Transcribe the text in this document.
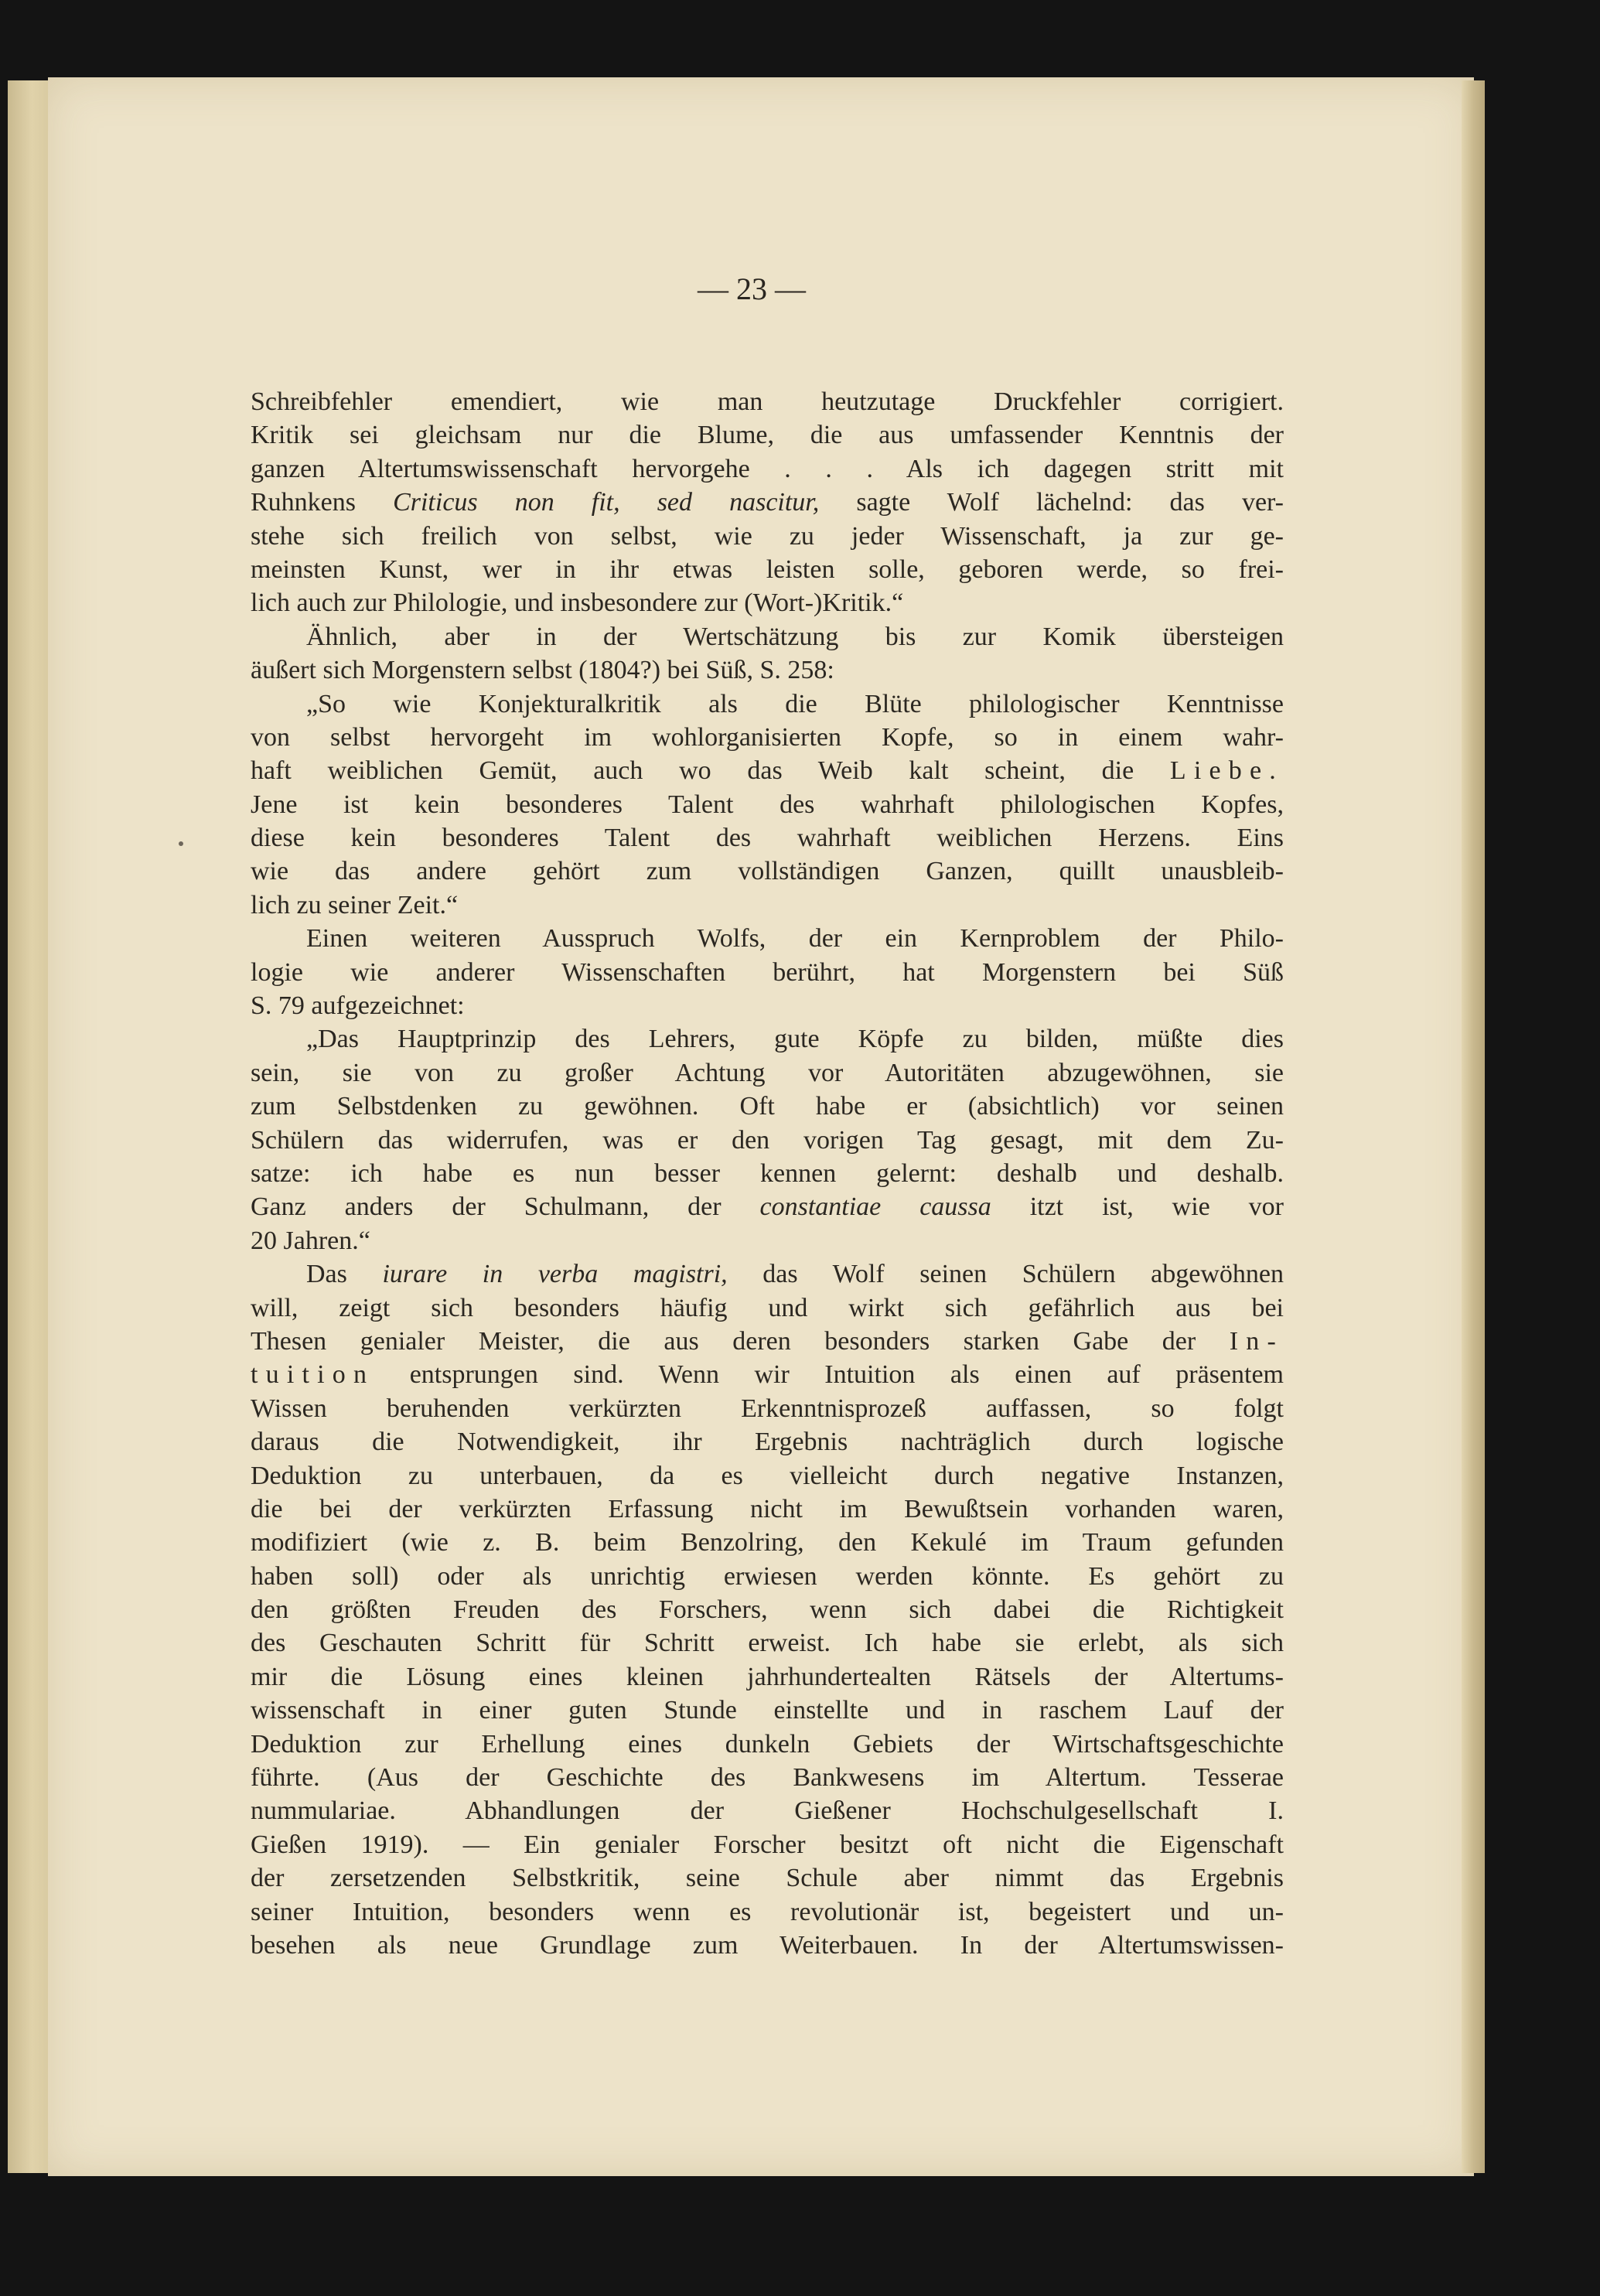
— 23 —
Schreibfehler emendiert, wie man heutzutage Druckfehler corrigiert.
Kritik sei gleichsam nur die Blume, die aus umfassender Kenntnis der
ganzen Altertumswissenschaft hervorgehe . . . Als ich dagegen stritt mit
Ruhnkens Criticus non fit, sed nascitur, sagte Wolf lächelnd: das ver-
stehe sich freilich von selbst, wie zu jeder Wissenschaft, ja zur ge-
meinsten Kunst, wer in ihr etwas leisten solle, geboren werde, so frei-
lich auch zur Philologie, und insbesondere zur (Wort-)Kritik.“
Ähnlich, aber in der Wertschätzung bis zur Komik übersteigen
äußert sich Morgenstern selbst (1804?) bei Süß, S. 258:
„So wie Konjekturalkritik als die Blüte philologischer Kenntnisse
von selbst hervorgeht im wohlorganisierten Kopfe, so in einem wahr-
haft weiblichen Gemüt, auch wo das Weib kalt scheint, die Liebe.
Jene ist kein besonderes Talent des wahrhaft philologischen Kopfes,
diese kein besonderes Talent des wahrhaft weiblichen Herzens. Eins
wie das andere gehört zum vollständigen Ganzen, quillt unausbleib-
lich zu seiner Zeit.“
Einen weiteren Ausspruch Wolfs, der ein Kernproblem der Philo-
logie wie anderer Wissenschaften berührt, hat Morgenstern bei Süß
S. 79 aufgezeichnet:
„Das Hauptprinzip des Lehrers, gute Köpfe zu bilden, müßte dies
sein, sie von zu großer Achtung vor Autoritäten abzugewöhnen, sie
zum Selbstdenken zu gewöhnen. Oft habe er (absichtlich) vor seinen
Schülern das widerrufen, was er den vorigen Tag gesagt, mit dem Zu-
satze: ich habe es nun besser kennen gelernt: deshalb und deshalb.
Ganz anders der Schulmann, der constantiae caussa itzt ist, wie vor
20 Jahren.“
Das iurare in verba magistri, das Wolf seinen Schülern abgewöhnen
will, zeigt sich besonders häufig und wirkt sich gefährlich aus bei
Thesen genialer Meister, die aus deren besonders starken Gabe der In-
tuition entsprungen sind. Wenn wir Intuition als einen auf präsentem
Wissen beruhenden verkürzten Erkenntnisprozeß auffassen, so folgt
daraus die Notwendigkeit, ihr Ergebnis nachträglich durch logische
Deduktion zu unterbauen, da es vielleicht durch negative Instanzen,
die bei der verkürzten Erfassung nicht im Bewußtsein vorhanden waren,
modifiziert (wie z. B. beim Benzolring, den Kekulé im Traum gefunden
haben soll) oder als unrichtig erwiesen werden könnte. Es gehört zu
den größten Freuden des Forschers, wenn sich dabei die Richtigkeit
des Geschauten Schritt für Schritt erweist. Ich habe sie erlebt, als sich
mir die Lösung eines kleinen jahrhundertealten Rätsels der Altertums-
wissenschaft in einer guten Stunde einstellte und in raschem Lauf der
Deduktion zur Erhellung eines dunkeln Gebiets der Wirtschaftsgeschichte
führte. (Aus der Geschichte des Bankwesens im Altertum. Tesserae
nummulariae. Abhandlungen der Gießener Hochschulgesellschaft I.
Gießen 1919). — Ein genialer Forscher besitzt oft nicht die Eigenschaft
der zersetzenden Selbstkritik, seine Schule aber nimmt das Ergebnis
seiner Intuition, besonders wenn es revolutionär ist, begeistert und un-
besehen als neue Grundlage zum Weiterbauen. In der Altertumswissen-
